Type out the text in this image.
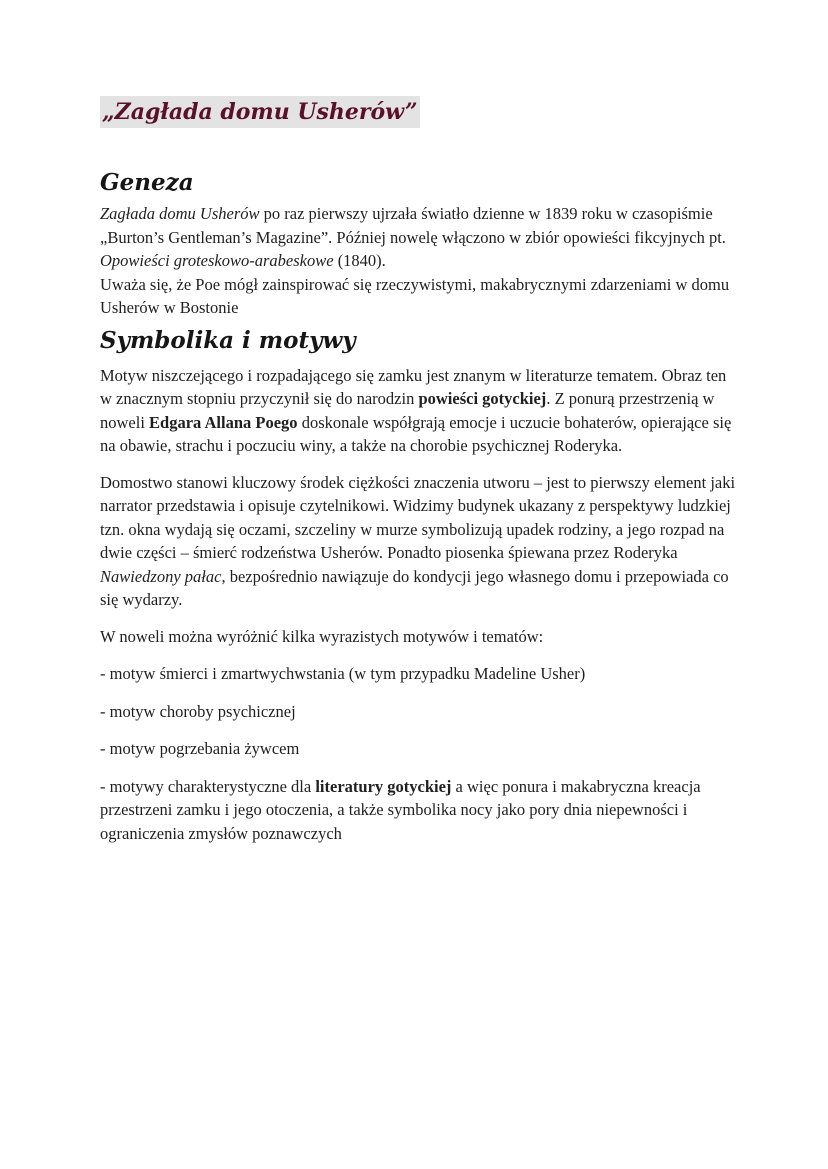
„Zagłada domu Usherów”
Geneza

Zagłada domu Usherów po raz pierwszy ujrzała światło dzienne w 1839 roku w czasopiśmie „Burton’s Gentleman’s Magazine”. Później nowelę włączono w zbiór opowieści fikcyjnych pt. Opowieści groteskowo-arabeskowe (1840).

Uważa się, że Poe mógł zainspirować się rzeczywistymi, makabrycznymi zdarzeniami w domu Usherów w Bostonie

Symbolika i motywy

Motyw niszczejącego i rozpadającego się zamku jest znanym w literaturze tematem. Obraz ten w znacznym stopniu przyczynił się do narodzin powieści gotyckiej. Z ponurą przestrzenią w noweli Edgara Allana Poego doskonale współgrają emocje i uczucie bohaterów, opierające się na obawie, strachu i poczuciu winy, a także na chorobie psychicznej Roderyka.

Domostwo stanowi kluczowy środek ciężkości znaczenia utworu – jest to pierwszy element jaki narrator przedstawia i opisuje czytelnikowi. Widzimy budynek ukazany z perspektywy ludzkiej tzn. okna wydają się oczami, szczeliny w murze symbolizują upadek rodziny, a jego rozpad na dwie części – śmierć rodzeństwa Usherów. Ponadto piosenka śpiewana przez Roderyka Nawiedzony pałac, bezpośrednio nawiązuje do kondycji jego własnego domu i przepowiada co się wydarzy.

W noweli można wyróżnić kilka wyrazistych motywów i tematów:

- motyw śmierci i zmartwychwstania (w tym przypadku Madeline Usher)

- motyw choroby psychicznej

- motyw pogrzebania żywcem

- motywy charakterystyczne dla literatury gotyckiej a więc ponura i makabryczna kreacja przestrzeni zamku i jego otoczenia, a także symbolika nocy jako pory dnia niepewności i ograniczenia zmysłów poznawczych
